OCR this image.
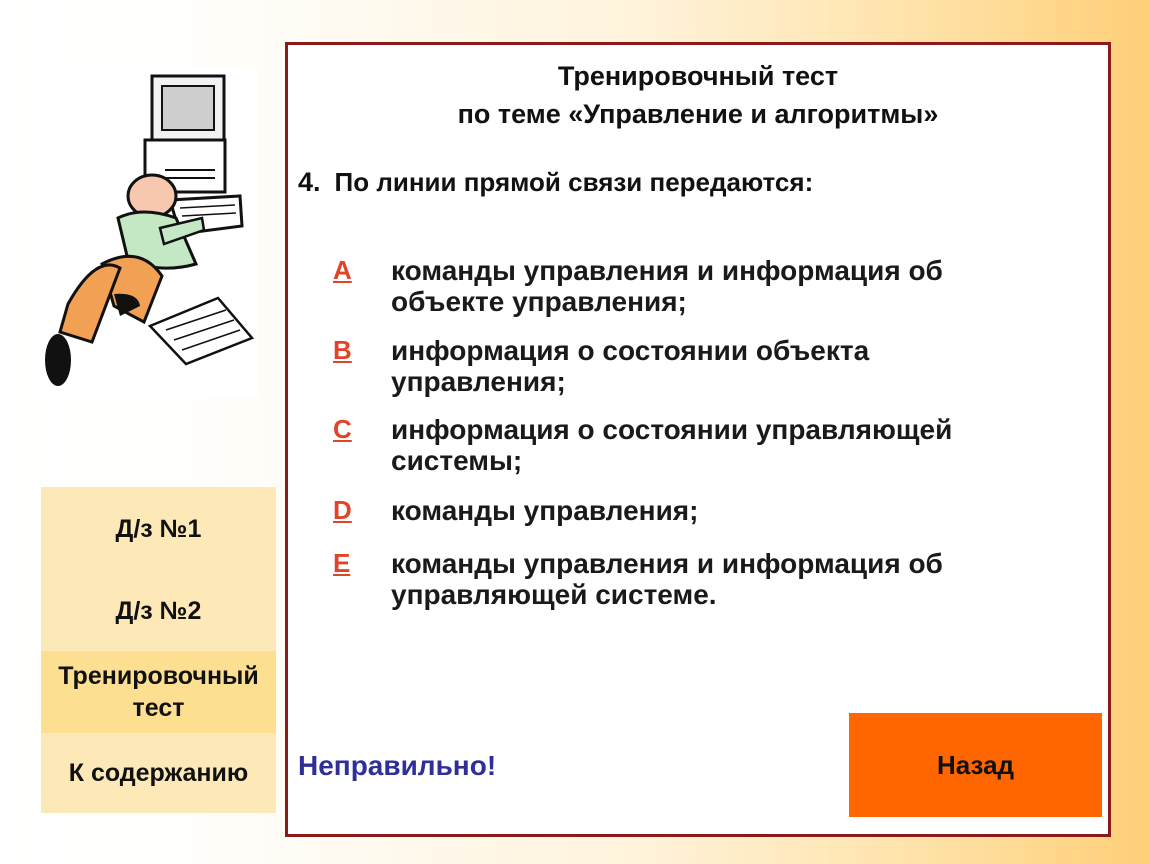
Д/з №1
Д/з №2
Тренировочный тест
К содержанию
Тренировочный тест
по теме «Управление и алгоритмы»
4. По линии прямой связи передаются:
A	команды управления и информация об объекте управления;
B	информация о состоянии объекта управления;
C	информация о состоянии управляющей системы;
D	команды управления;
E	команды управления и информация об управляющей системе.
Неправильно!	Назад
